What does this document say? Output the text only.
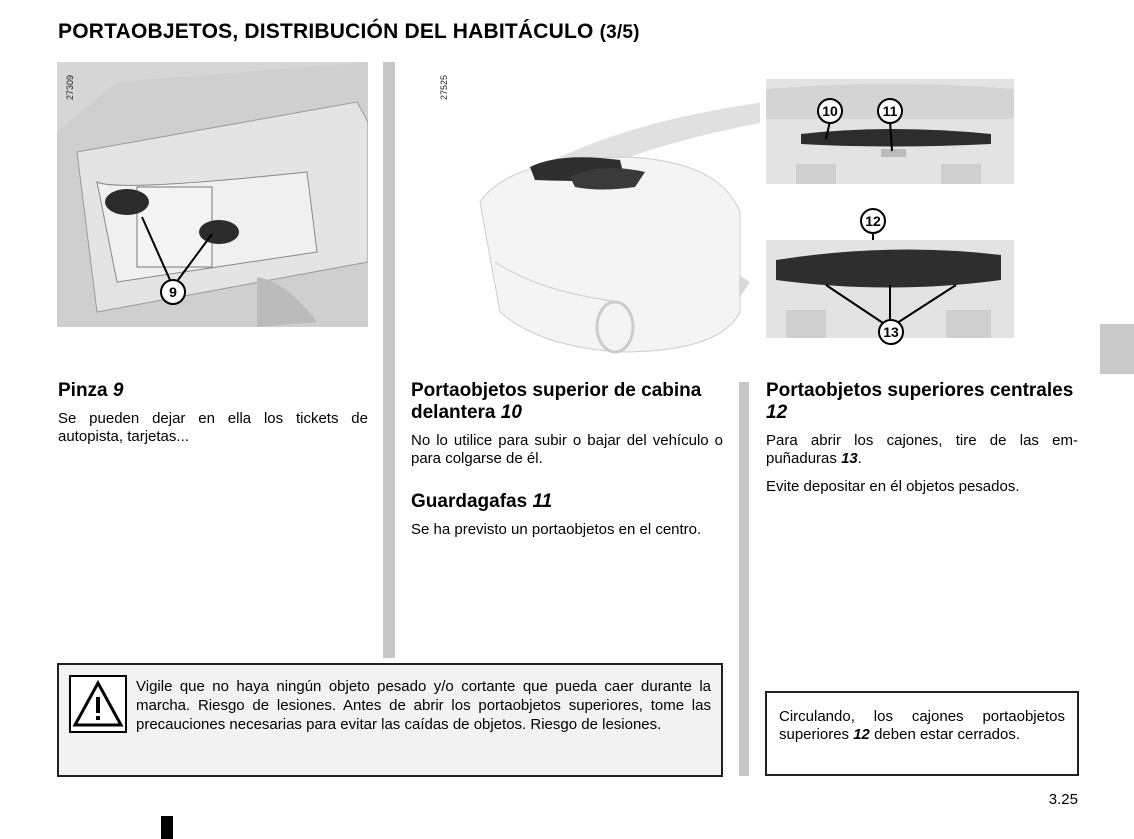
PORTAOBJETOS, DISTRIBUCIÓN DEL HABITÁCULO (3/5)
9
27309	27525
10	11
12
13
Pinza 9

Se pueden dejar en ella los tickets de autopista, tarjetas...

Portaobjetos superior de cabina delantera 10

No lo utilice para subir o bajar del vehículo o para colgarse de él.

Guardagafas 11

Se ha previsto un portaobjetos en el centro.

Portaobjetos superiores centrales 12

Para abrir los cajones, tire de las empuñaduras 13.

Evite depositar en él objetos pesados.

Vigile que no haya ningún objeto pesado y/o cortante que pueda caer durante la marcha. Riesgo de lesiones. Antes de abrir los portaobjetos superiores, tome las precauciones necesarias para evitar las caídas de objetos. Riesgo de lesiones.	Circulando, los cajones portaobjetos superiores 12 deben estar cerrados.

3.25
